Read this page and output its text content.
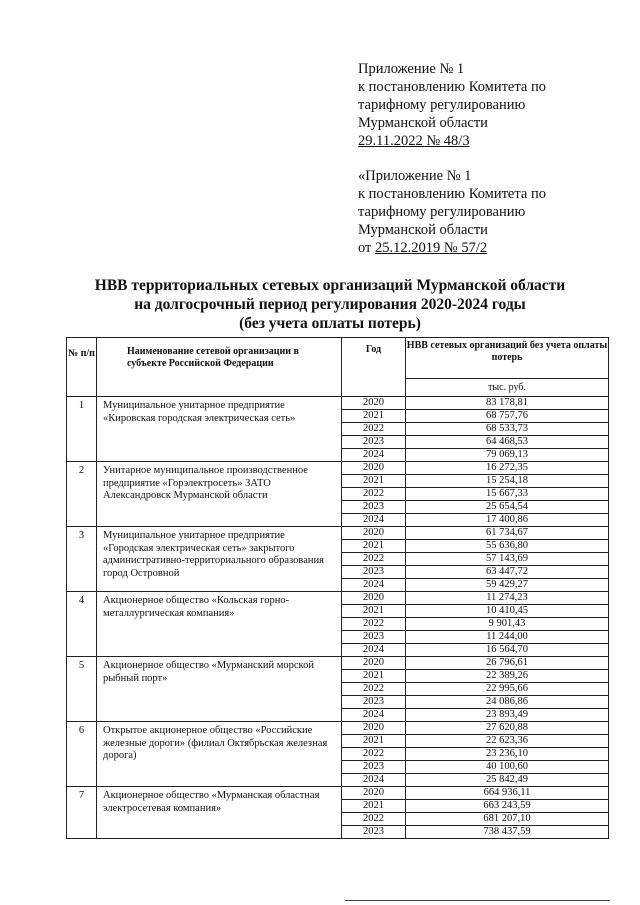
Приложение № 1
к постановлению Комитета по
тарифному регулированию
Мурманской области
29.11.2022 № 48/3
«Приложение № 1
к постановлению Комитета по
тарифному регулированию
Мурманской области
от 25.12.2019 № 57/2
НВВ территориальных сетевых организаций Мурманской области
на долгосрочный период регулирования 2020-2024 годы
(без учета оплаты потерь)
№ п/п	Наименование сетевой организации в субъекте Российской Федерации	Год	НВВ сетевых организаций без учета оплаты потерь
			тыс. руб.
1	Муниципальное унитарное предприятие «Кировская городская электрическая сеть»	2020	83 178,81
		2021	68 757,76
		2022	68 533,73
		2023	64 468,53
		2024	79 069,13
2	Унитарное муниципальное производственное предприятие «Горэлектросеть» ЗАТО Александровск Мурманской области	2020	16 272,35
		2021	15 254,18
		2022	15 667,33
		2023	25 654,54
		2024	17 400,86
3	Муниципальное унитарное предприятие «Городская электрическая сеть» закрытого административно-территориального образования город Островной	2020	61 734,67
		2021	55 636,80
		2022	57 143,69
		2023	63 447,72
		2024	59 429,27
4	Акционерное общество «Кольская горно-металлургическая компания»	2020	11 274,23
		2021	10 410,45
		2022	9 901,43
		2023	11 244,00
		2024	16 564,70
5	Акционерное общество «Мурманский морской рыбный порт»	2020	26 796,61
		2021	22 389,26
		2022	22 995,66
		2023	24 086,86
		2024	23 893,49
6	Открытое акционерное общество «Российские железные дороги» (филиал Октябрьская железная дорога)	2020	27 620,88
		2021	22 623,36
		2022	23 236,10
		2023	40 100,60
		2024	25 842,49
7	Акционерное общество «Мурманская областная электросетевая компания»	2020	664 936,11
		2021	663 243,59
		2022	681 207,10
		2023	738 437,59
